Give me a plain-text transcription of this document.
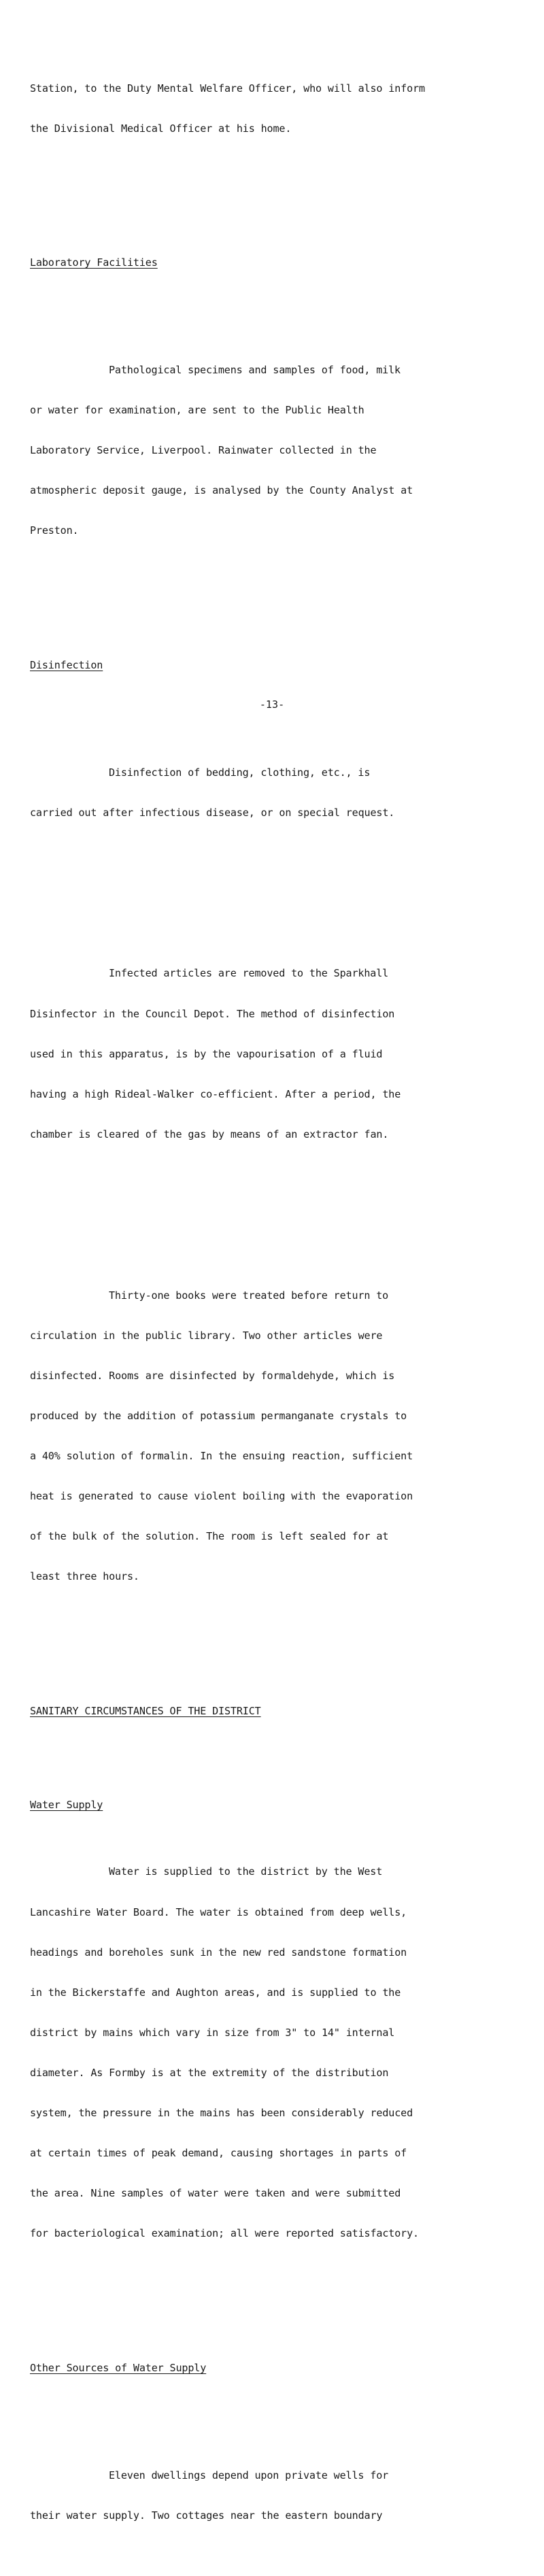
Station, to the Duty Mental Welfare Officer, who will also inform

the Divisional Medical Officer at his home.

Laboratory Facilities

Pathological specimens and samples of food, milk

or water for examination, are sent to the Public Health

Laboratory Service, Liverpool. Rainwater collected in the

atmospheric deposit gauge, is analysed by the County Analyst at

Preston.

Disinfection

Disinfection of bedding, clothing, etc., is

carried out after infectious disease, or on special request.

Infected articles are removed to the Sparkhall

Disinfector in the Council Depot. The method of disinfection

used in this apparatus, is by the vapourisation of a fluid

having a high Rideal-Walker co-efficient. After a period, the

chamber is cleared of the gas by means of an extractor fan.

Thirty-one books were treated before return to

circulation in the public library. Two other articles were

disinfected. Rooms are disinfected by formaldehyde, which is

produced by the addition of potassium permanganate crystals to

a 40% solution of formalin. In the ensuing reaction, sufficient

heat is generated to cause violent boiling with the evaporation

of the bulk of the solution. The room is left sealed for at

least three hours.

SANITARY CIRCUMSTANCES OF THE DISTRICT

Water Supply

Water is supplied to the district by the West

Lancashire Water Board. The water is obtained from deep wells,

headings and boreholes sunk in the new red sandstone formation

in the Bickerstaffe and Aughton areas, and is supplied to the

district by mains which vary in size from 3" to 14" internal

diameter. As Formby is at the extremity of the distribution

system, the pressure in the mains has been considerably reduced

at certain times of peak demand, causing shortages in parts of

the area. Nine samples of water were taken and were submitted

for bacteriological examination; all were reported satisfactory.

Other Sources of Water Supply

Eleven dwellings depend upon private wells for

their water supply. Two cottages near the eastern boundary

-13-
